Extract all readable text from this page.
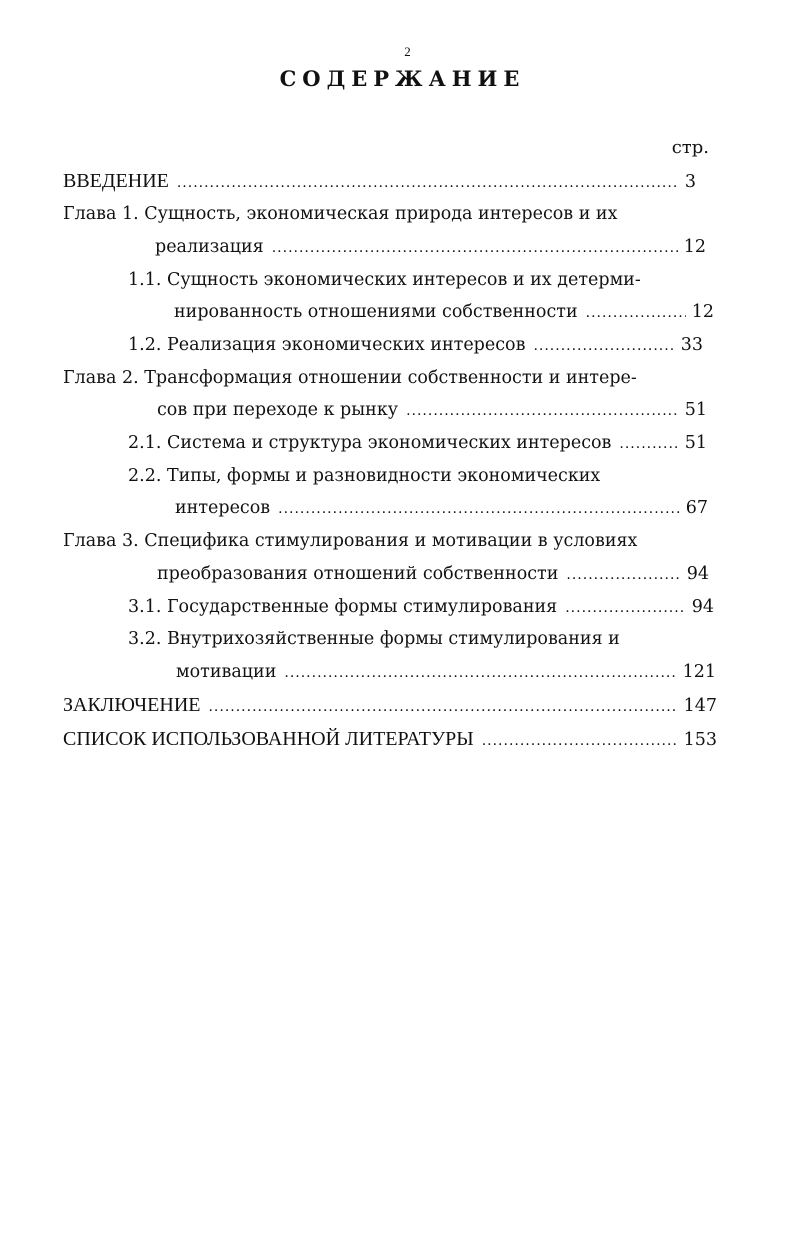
2
СОДЕРЖАНИЕ
стр.
ВВЕДЕНИЕ .....	3
Глава 1. Сущность, экономическая природа интересов и их
реализация .....	12
1.1. Сущность экономических интересов и их детерми-
нированность отношениями собственности .....	12
1.2. Реализация экономических интересов .....	33
Глава 2. Трансформация отношении собственности и интере-
сов при переходе к рынку .....	51
2.1. Система и структура экономических интересов .....	51
2.2. Типы, формы и разновидности экономических
интересов .....	67
Глава 3. Специфика стимулирования и мотивации в условиях
преобразования отношений собственности .....	94
3.1. Государственные формы стимулирования .....	94
3.2. Внутрихозяйственные формы стимулирования и
мотивации .....	121
ЗАКЛЮЧЕНИЕ .....	147
СПИСОК ИСПОЛЬЗОВАННОЙ ЛИТЕРАТУРЫ .....	153
